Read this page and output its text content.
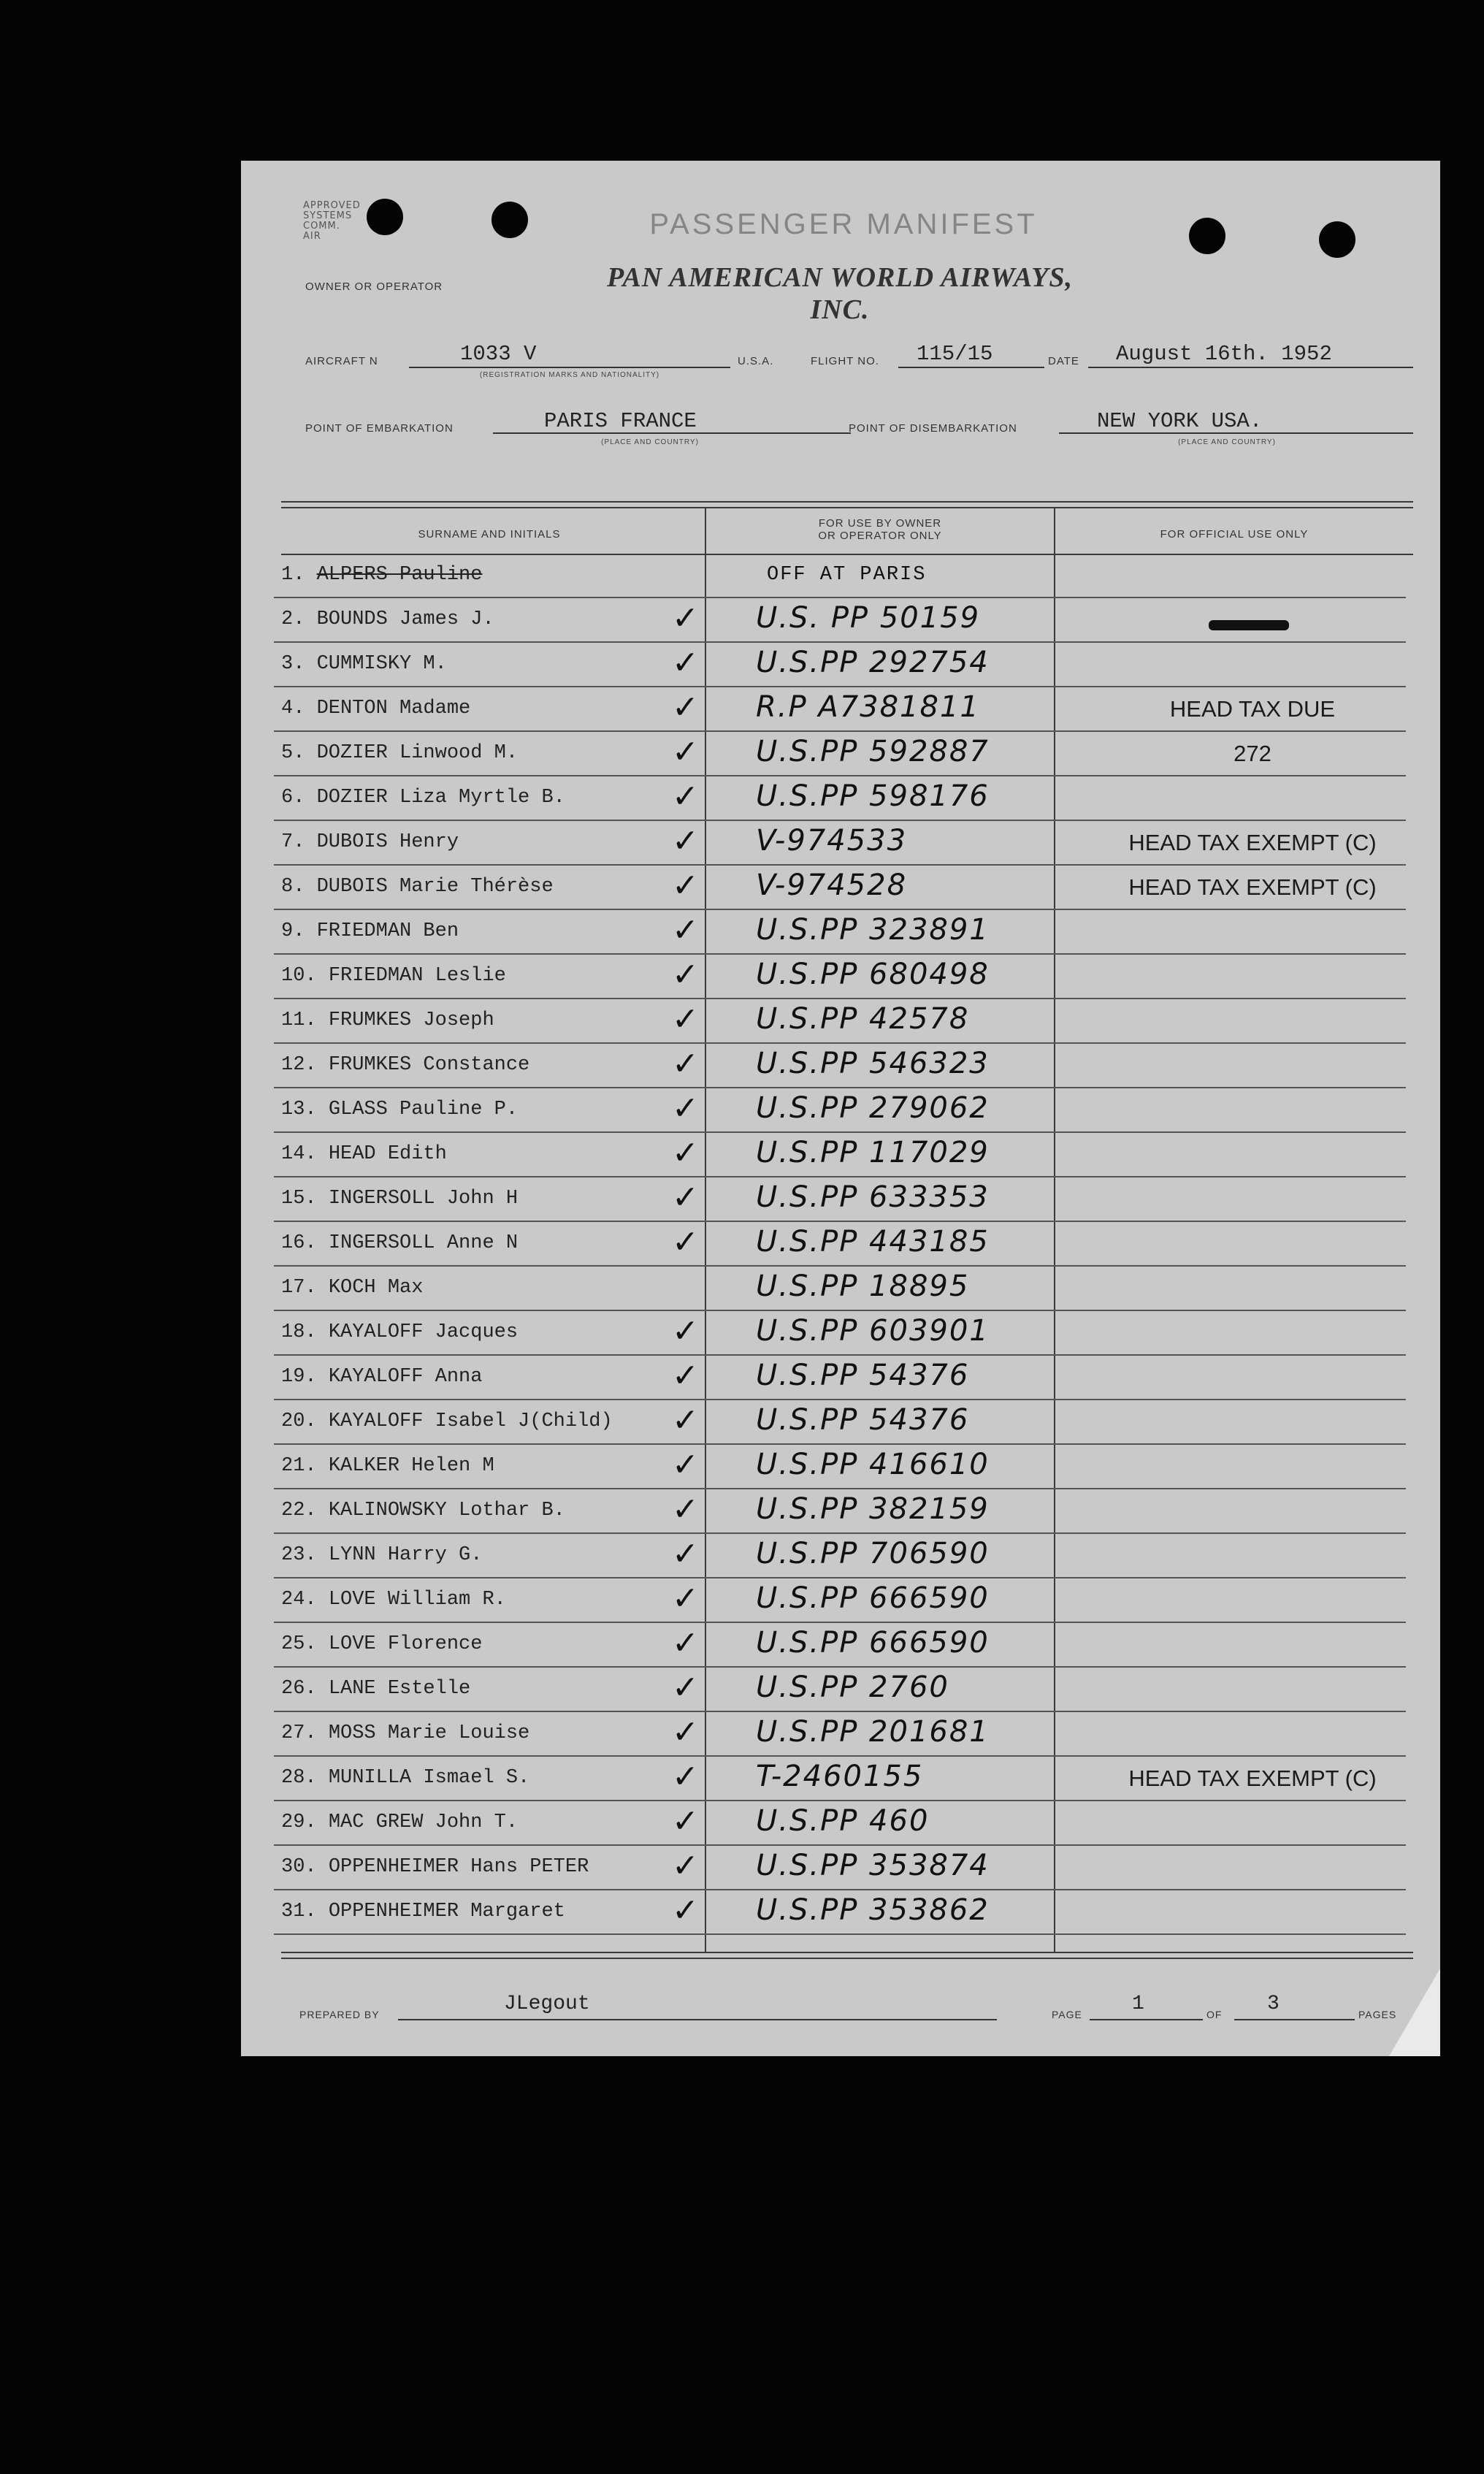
APPROVED
SYSTEMS
COMM.
AIR	PASSENGER MANIFEST
OWNER OR OPERATOR	PAN AMERICAN WORLD AIRWAYS, INC.
AIRCRAFT N	1033 V
(REGISTRATION MARKS AND NATIONALITY)
U.S.A.	FLIGHT NO. 115/15	DATE August 16th. 1952
POINT OF EMBARKATION	PARIS FRANCE
(PLACE AND COUNTRY)
POINT OF DISEMBARKATION	NEW YORK USA.
(PLACE AND COUNTRY)
SURNAME AND INITIALS
FOR USE BY OWNER
OR OPERATOR ONLY	FOR OFFICIAL USE ONLY
1. ALPERS Pauline	OFF AT PARIS
2. BOUNDS James J.	✓ U.S. PP 50159
3. CUMMISKY M.	✓ U.S.PP 292754
4. DENTON Madame	✓ R.P A7381811	HEAD TAX DUE
5. DOZIER Linwood M.	✓ U.S.PP 592887	272
6. DOZIER Liza Myrtle B.	✓ U.S.PP 598176
7. DUBOIS Henry	✓ V-974533	HEAD TAX EXEMPT (C)
8. DUBOIS Marie Thérèse	✓ V-974528	HEAD TAX EXEMPT (C)
9. FRIEDMAN Ben	✓ U.S.PP 323891
10. FRIEDMAN Leslie	✓ U.S.PP 680498
11. FRUMKES Joseph	✓ U.S.PP 42578
12. FRUMKES Constance	✓ U.S.PP 546323
13. GLASS Pauline P.	✓ U.S.PP 279062
14. HEAD Edith	✓ U.S.PP 117029
15. INGERSOLL John H	✓ U.S.PP 633353
16. INGERSOLL Anne N	✓ U.S.PP 443185
17. KOCH Max	U.S.PP 18895
18. KAYALOFF Jacques	✓ U.S.PP 603901
19. KAYALOFF Anna	✓ U.S.PP 54376
20. KAYALOFF Isabel J(Child) ✓ U.S.PP 54376
21. KALKER Helen M	✓ U.S.PP 416610
22. KALINOWSKY Lothar B.	✓ U.S.PP 382159
23. LYNN Harry G.	✓ U.S.PP 706590
24. LOVE William R.	✓ U.S.PP 666590
25. LOVE Florence	✓ U.S.PP 666590
26. LANE Estelle	✓ U.S.PP 2760
27. MOSS Marie Louise	✓ U.S.PP 201681
28. MUNILLA Ismael S.	✓ T-2460155	HEAD TAX EXEMPT (C)
29. MAC GREW John T.	✓ U.S.PP 460
30. OPPENHEIMER Hans PETER	✓ U.S.PP 353874
31. OPPENHEIMER Margaret	✓ U.S.PP 353862
PREPARED BY	JLegout	PAGE 1	OF 3	PAGES
